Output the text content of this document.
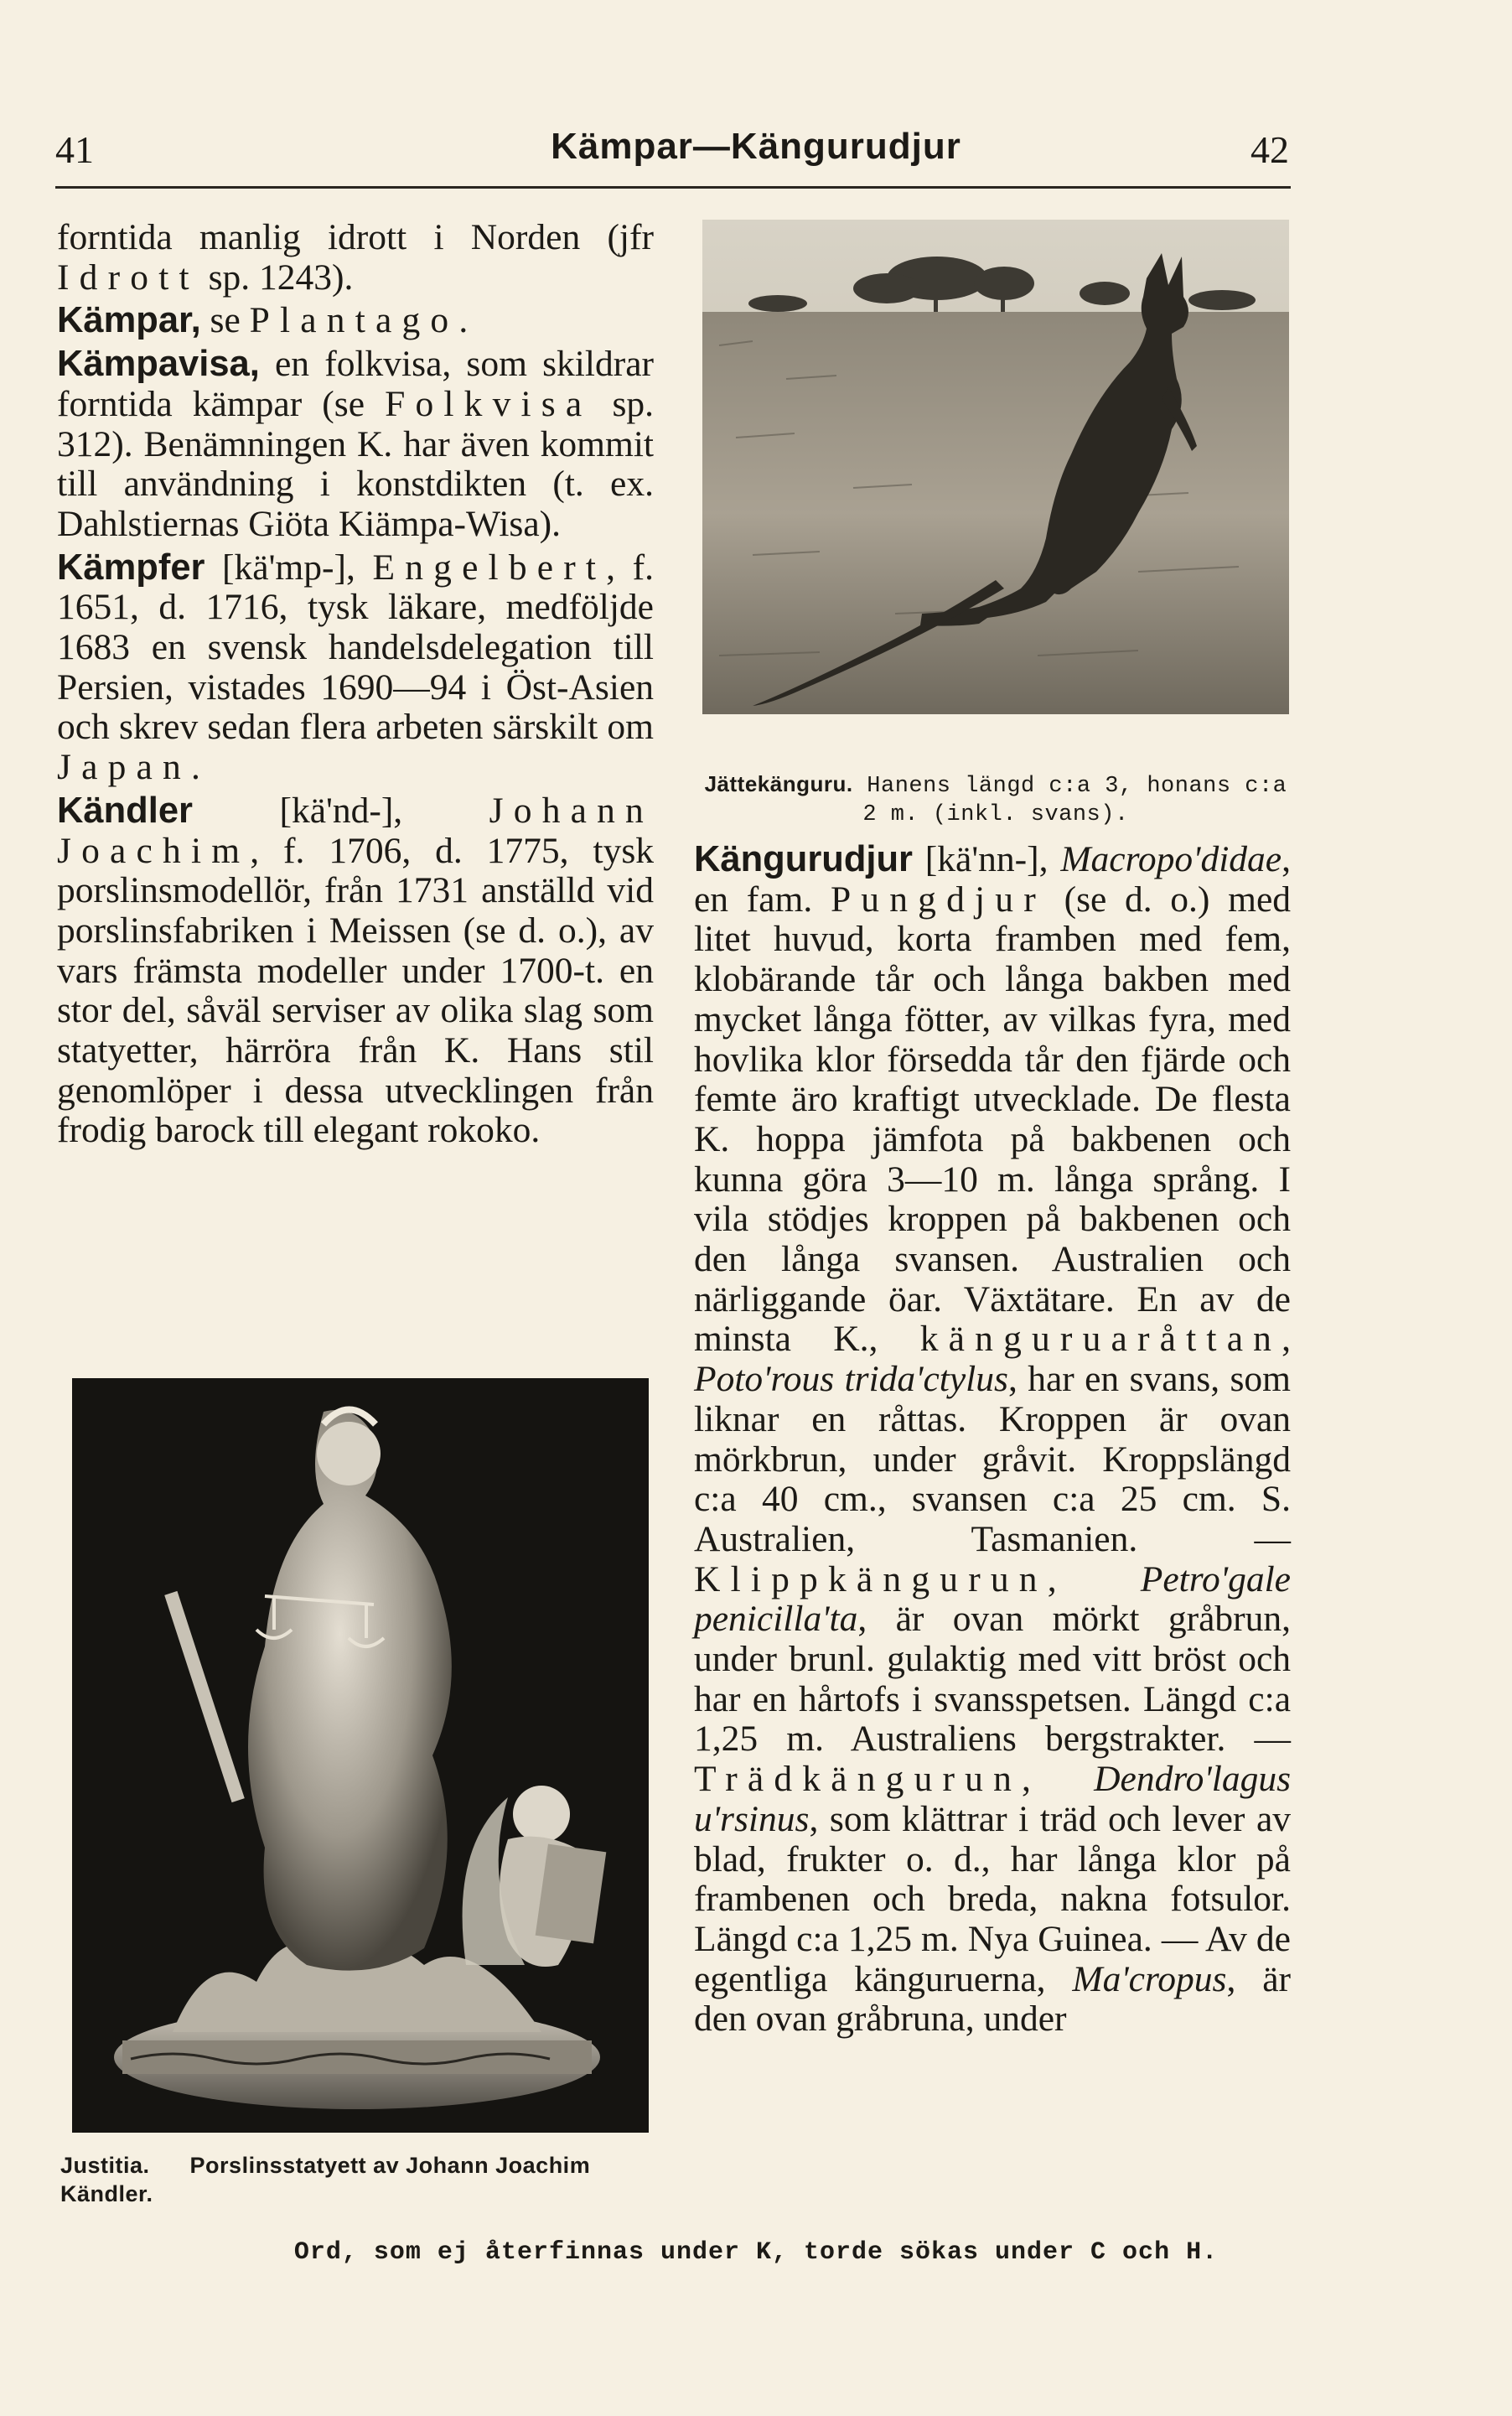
41	Kämpar—Kängurudjur	42

forntida manlig idrott i Norden (jfr Idrott sp. 1243).

Kämpar, se Plantago.

Kämpavisa, en folkvisa, som skildrar forntida kämpar (se Folkvisa sp. 312). Benämningen K. har även kommit till användning i konstdikten (t. ex. Dahlstiernas Giöta Kiämpa-Wisa).

Kämpfer [kä'mp-], Engelbert, f. 1651, d. 1716, tysk läkare, medföljde 1683 en svensk handelsdelegation till Persien, vistades 1690—94 i Öst-Asien och skrev sedan flera arbeten särskilt om Japan.

Kändler [kä'nd-], Johann Joachim, f. 1706, d. 1775, tysk porslinsmodellör, från 1731 anställd vid porslinsfabriken i Meissen (se d. o.), av vars främsta modeller under 1700-t. en stor del, såväl serviser av olika slag som statyetter, härröra från K. Hans stil genomlöper i dessa utvecklingen från frodig barock till elegant rokoko.

Jättekänguru. Hanens längd c:a 3, honans c:a 2 m. (inkl. svans).

Kängurudjur [kä'nn-], Macropo'didae, en fam. Pungdjur (se d. o.) med litet huvud, korta framben med fem, klobärande tår och långa bakben med mycket långa fötter, av vilkas fyra, med hovlika klor försedda tår den fjärde och femte äro kraftigt utvecklade. De flesta K. hoppa jämfota på bakbenen och kunna göra 3—10 m. långa språng. I vila stödjes kroppen på bakbenen och den långa svansen. Australien och närliggande öar. Växtätare. En av de minsta K., känguruaråttan, Poto'rous trida'ctylus, har en svans, som liknar en råttas. Kroppen är ovan mörkbrun, under gråvit. Kroppslängd c:a 40 cm., svansen c:a 25 cm. S. Australien, Tasmanien. — Klippkängurun, Petro'gale penicilla'ta, är ovan mörkt gråbrun, under brunl. gulaktig med vitt bröst och har en hårtofs i svansspetsen. Längd c:a 1,25 m. Australiens bergstrakter. — Trädkängurun, Dendro'lagus u'rsinus, som klättrar i träd och lever av blad, frukter o. d., har långa klor på frambenen och breda, nakna fotsulor. Längd c:a 1,25 m. Nya Guinea. — Av de egentliga känguruerna, Ma'cropus, är den ovan gråbruna, under

Justitia. Porslinsstatyett av Johann Joachim Kändler.
Ord, som ej återfinnas under K, torde sökas under C och H.
